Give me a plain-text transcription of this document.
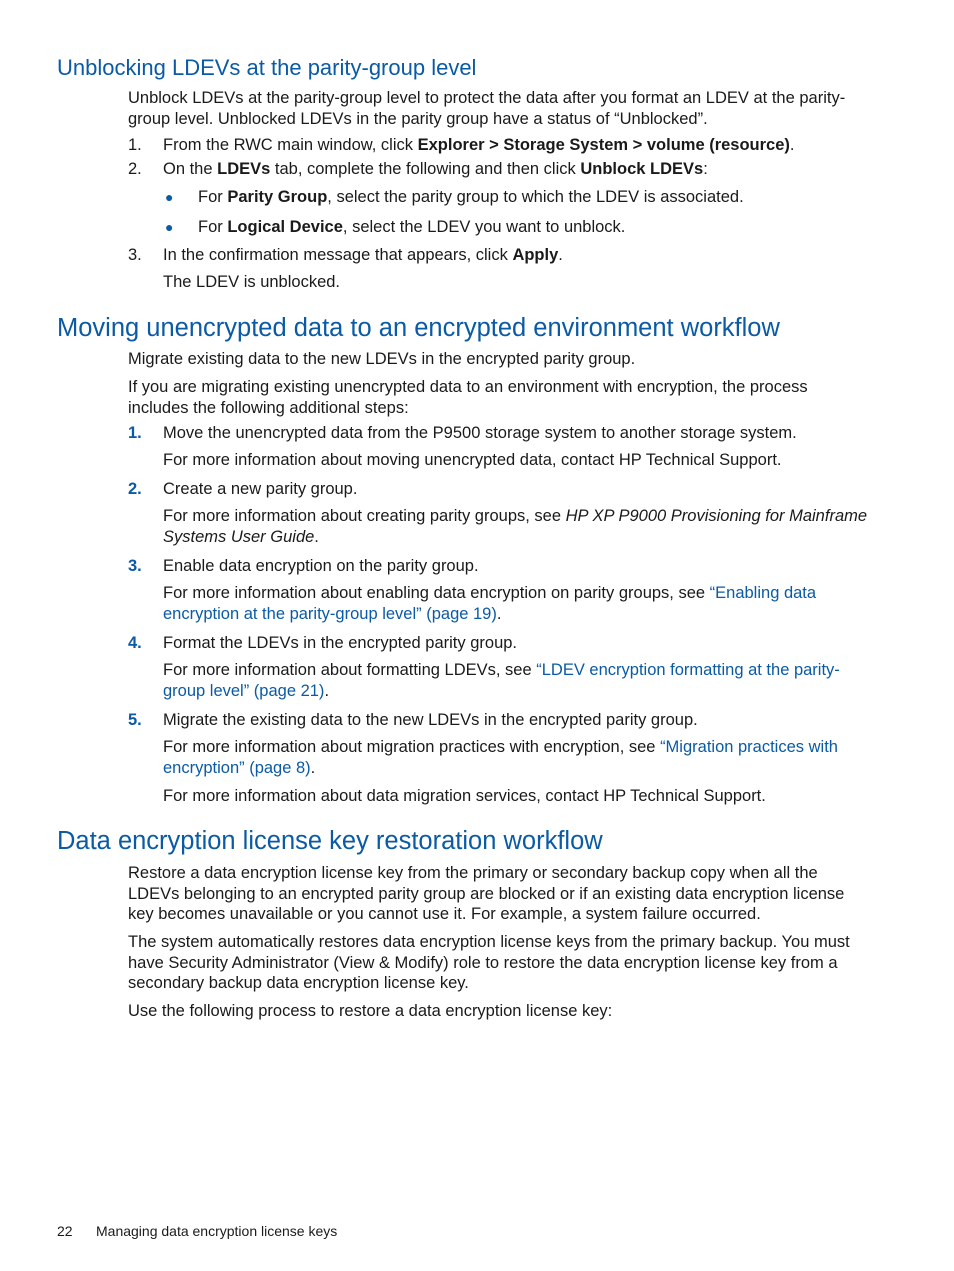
Unblocking LDEVs at the parity-group level

Unblock LDEVs at the parity-group level to protect the data after you format an LDEV at the parity-group level. Unblocked LDEVs in the parity group have a status of “Unblocked”.

1.	From the RWC main window, click Explorer > Storage System > volume (resource).

2.	On the LDEVs tab, complete the following and then click Unblock LDEVs:

● For Parity Group, select the parity group to which the LDEV is associated.

● For Logical Device, select the LDEV you want to unblock.

3.	In the confirmation message that appears, click Apply.

The LDEV is unblocked.

Moving unencrypted data to an encrypted environment workflow

Migrate existing data to the new LDEVs in the encrypted parity group.

If you are migrating existing unencrypted data to an environment with encryption, the process includes the following additional steps:

1.	Move the unencrypted data from the P9500 storage system to another storage system.

For more information about moving unencrypted data, contact HP Technical Support.

2.	Create a new parity group.

For more information about creating parity groups, see HP XP P9000 Provisioning for Mainframe Systems User Guide.

3.	Enable data encryption on the parity group.

For more information about enabling data encryption on parity groups, see “Enabling data encryption at the parity-group level” (page 19).

4.	Format the LDEVs in the encrypted parity group.

For more information about formatting LDEVs, see “LDEV encryption formatting at the parity-group level” (page 21).

5.	Migrate the existing data to the new LDEVs in the encrypted parity group.

For more information about migration practices with encryption, see “Migration practices with encryption” (page 8).

For more information about data migration services, contact HP Technical Support.

Data encryption license key restoration workflow

Restore a data encryption license key from the primary or secondary backup copy when all the LDEVs belonging to an encrypted parity group are blocked or if an existing data encryption license key becomes unavailable or you cannot use it. For example, a system failure occurred.

The system automatically restores data encryption license keys from the primary backup. You must have Security Administrator (View & Modify) role to restore the data encryption license key from a secondary backup data encryption license key.

Use the following process to restore a data encryption license key:

22 Managing data encryption license keys
